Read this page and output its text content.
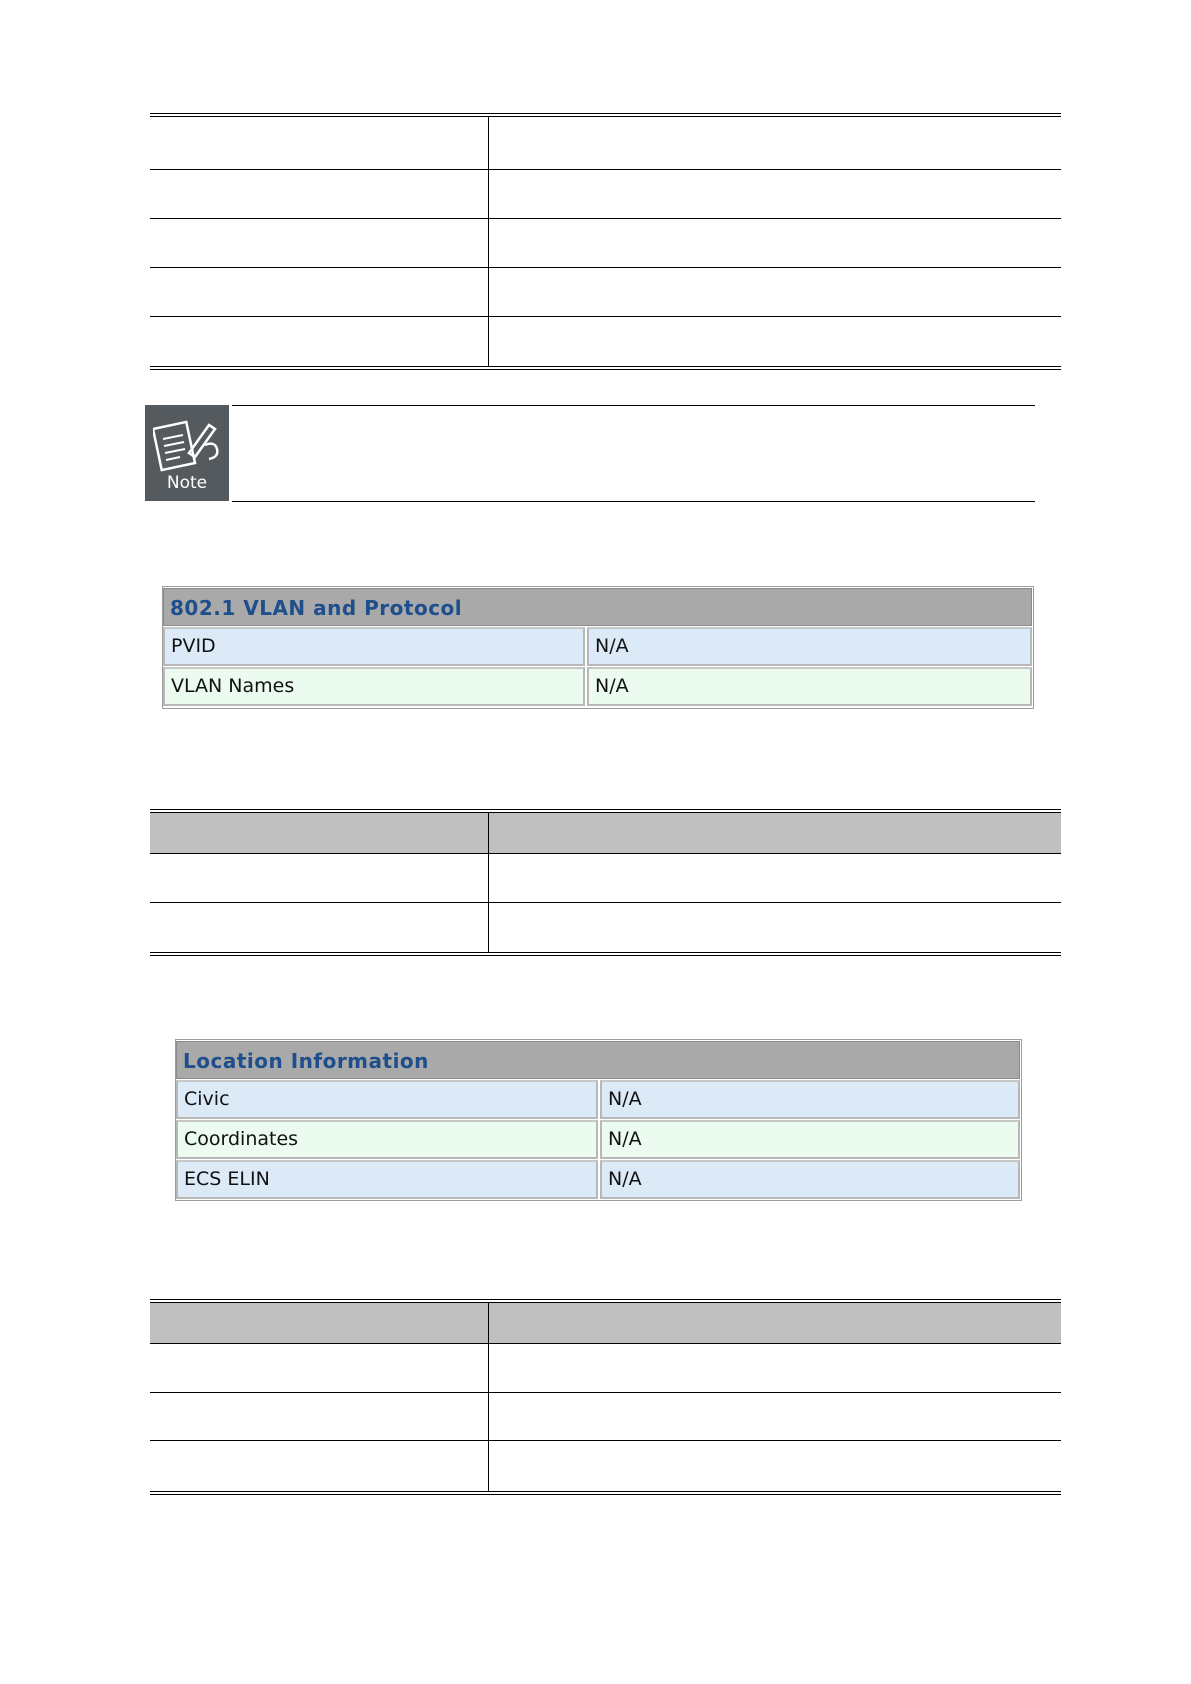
Note
802.1 VLAN and Protocol
PVID	N/A
VLAN Names	N/A
Location Information
Civic	N/A
Coordinates	N/A
ECS ELIN	N/A
